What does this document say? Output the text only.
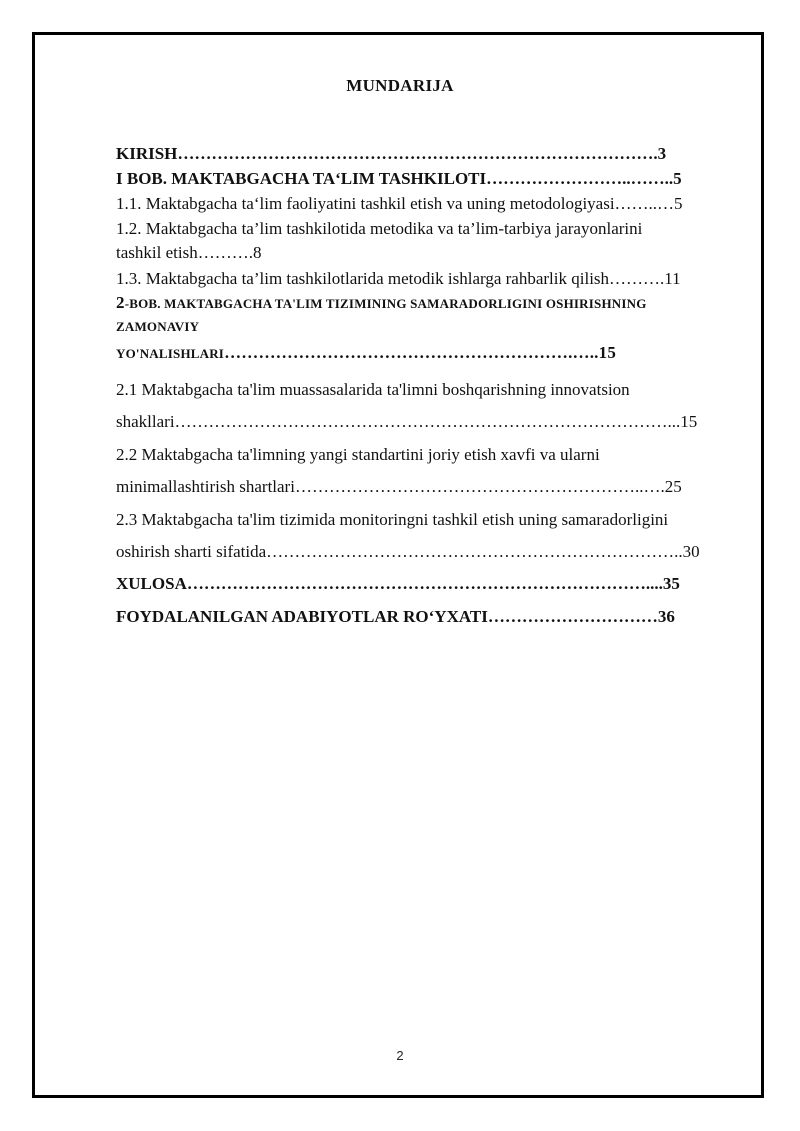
MUNDARIJA
KIRISH………………………………………………………………………….3
I BOB. MAKTABGACHA TA‘LIM TASHKILOTI……………………..……..5
1.1. Maktabgacha ta‘lim faoliyatini tashkil etish va uning metodologiyasi……..…5
1.2. Maktabgacha ta’lim tashkilotida metodika va ta’lim-tarbiya jarayonlarini
tashkil etish……….8
1.3. Maktabgacha ta’lim tashkilotlarida metodik ishlarga rahbarlik qilish……….11
2-BOB. MAKTABGACHA TA'LIM TIZIMINING SAMARADORLIGINI OSHIRISHNING
ZAMONAVIY
YO'NALISHLARI…………………………………………………….…..15
2.1 Maktabgacha ta'lim muassasalarida ta'limni boshqarishning innovatsion
shakllari……………………………………………………………………………...15
2.2 Maktabgacha ta'limning yangi standartini joriy etish xavfi va ularni
minimallashtirish shartlari……………………………………………………..….25
2.3 Maktabgacha ta'lim tizimida monitoringni tashkil etish uning samaradorligini
oshirish sharti sifatida………………………………………………………………..30
XULOSA………………………………………………………………………....35
FOYDALANILGAN ADABIYOTLAR RO‘YXATI…………………………36
2
